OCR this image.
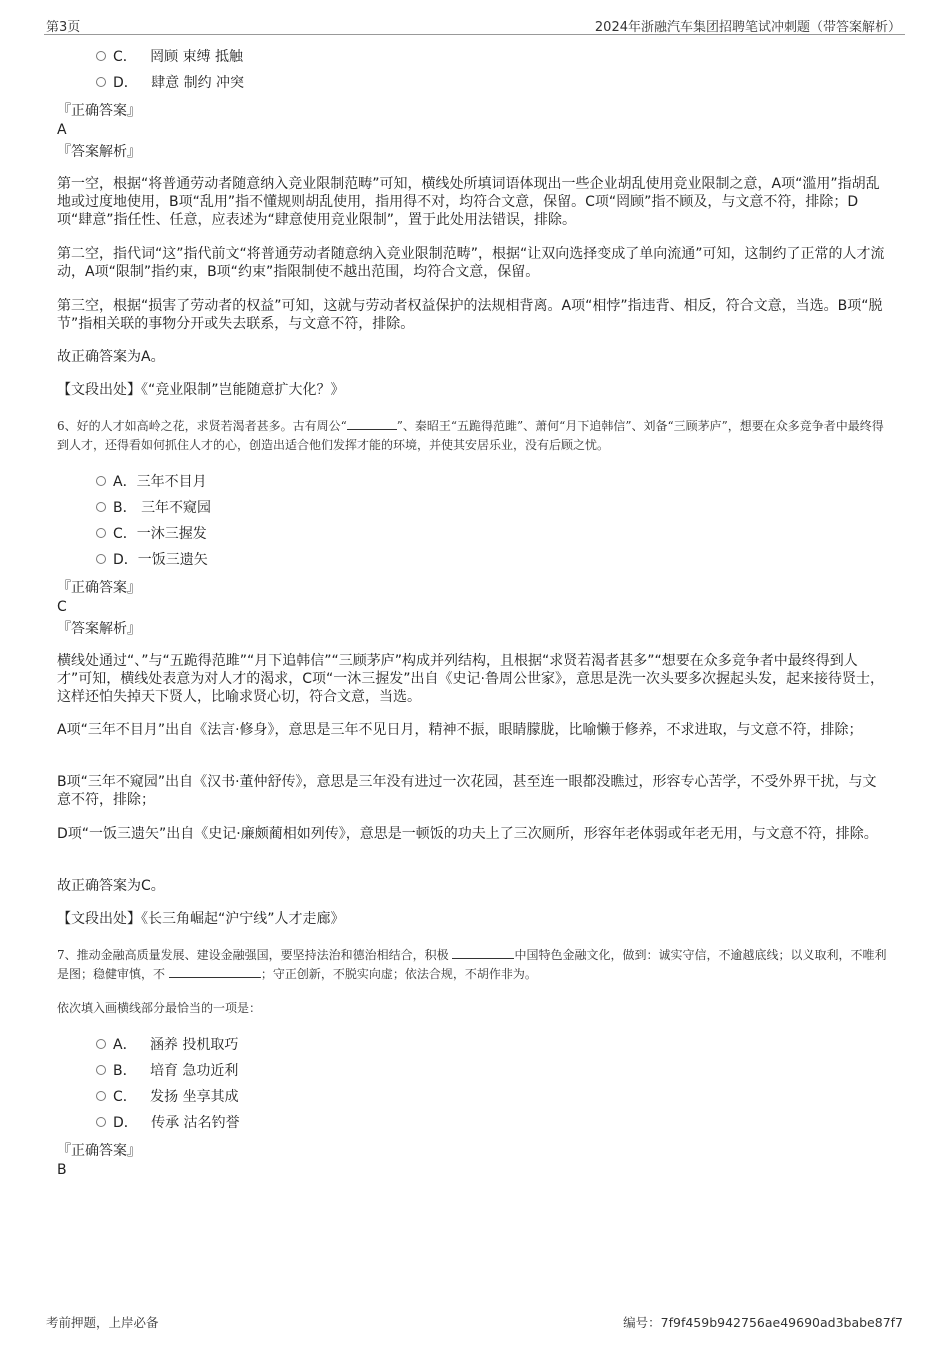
第3页	2024年浙融汽车集团招聘笔试冲刺题（带答案解析）
C． 罔顾 束缚 抵触
D． 肆意 制约 冲突
『正确答案』
A
『答案解析』
第一空，根据“将普通劳动者随意纳入竞业限制范畴”可知，横线处所填词语体现出一些企业胡乱使用竞业限制之意，A项“滥用”指胡乱地或过度地使用，B项“乱用”指不懂规则胡乱使用，指用得不对，均符合文意，保留。C项“罔顾”指不顾及，与文意不符，排除；D项“肆意”指任性、任意，应表述为“肆意使用竞业限制”，置于此处用法错误，排除。
第二空，指代词“这”指代前文“将普通劳动者随意纳入竞业限制范畴”，根据“让双向选择变成了单向流通”可知，这制约了正常的人才流动，A项“限制”指约束，B项“约束”指限制使不越出范围，均符合文意，保留。
第三空，根据“损害了劳动者的权益”可知，这就与劳动者权益保护的法规相背离。A项“相悖”指违背、相反，符合文意，当选。B项“脱节”指相关联的事物分开或失去联系，与文意不符，排除。
故正确答案为A。
【文段出处】《“竞业限制”岂能随意扩大化？》
6、好的人才如高岭之花，求贤若渴者甚多。古有周公“	”、秦昭王“五跪得范雎”、萧何“月下追韩信”、刘备“三顾茅庐”，想要在众多竞争者中最终得到人才，还得看如何抓住人才的心，创造出适合他们发挥才能的环境，并使其安居乐业，没有后顾之忧。
A．三年不目月
B． 三年不窥园
C．一沐三握发
D．一饭三遗矢
『正确答案』
C
『答案解析』
横线处通过“、”与“五跪得范雎”“月下追韩信”“三顾茅庐”构成并列结构，且根据“求贤若渴者甚多”“想要在众多竞争者中最终得到人才”可知，横线处表意为对人才的渴求，C项“一沐三握发”出自《史记·鲁周公世家》，意思是洗一次头要多次握起头发，起来接待贤士，这样还怕失掉天下贤人，比喻求贤心切，符合文意，当选。
A项“三年不目月”出自《法言·修身》，意思是三年不见日月，精神不振，眼睛朦胧，比喻懒于修养，不求进取，与文意不符，排除；
B项“三年不窥园”出自《汉书·董仲舒传》，意思是三年没有进过一次花园，甚至连一眼都没瞧过，形容专心苦学，不受外界干扰，与文意不符，排除；
D项“一饭三遗矢”出自《史记·廉颇蔺相如列传》，意思是一顿饭的功夫上了三次厕所，形容年老体弱或年老无用，与文意不符，排除。
故正确答案为C。
【文段出处】《长三角崛起“沪宁线”人才走廊》
7、推动金融高质量发展、建设金融强国，要坚持法治和德治相结合，积极	中国特色金融文化，做到：诚实守信，不逾越底线；以义取利，不唯利是图；稳健审慎，不	；守正创新，不脱实向虚；依法合规，不胡作非为。
依次填入画横线部分最恰当的一项是：
A． 涵养 投机取巧
B． 培育 急功近利
C． 发扬 坐享其成
D． 传承 沽名钓誉
『正确答案』
B
考前押题，上岸必备	编号：7f9f459b942756ae49690ad3babe87f7
